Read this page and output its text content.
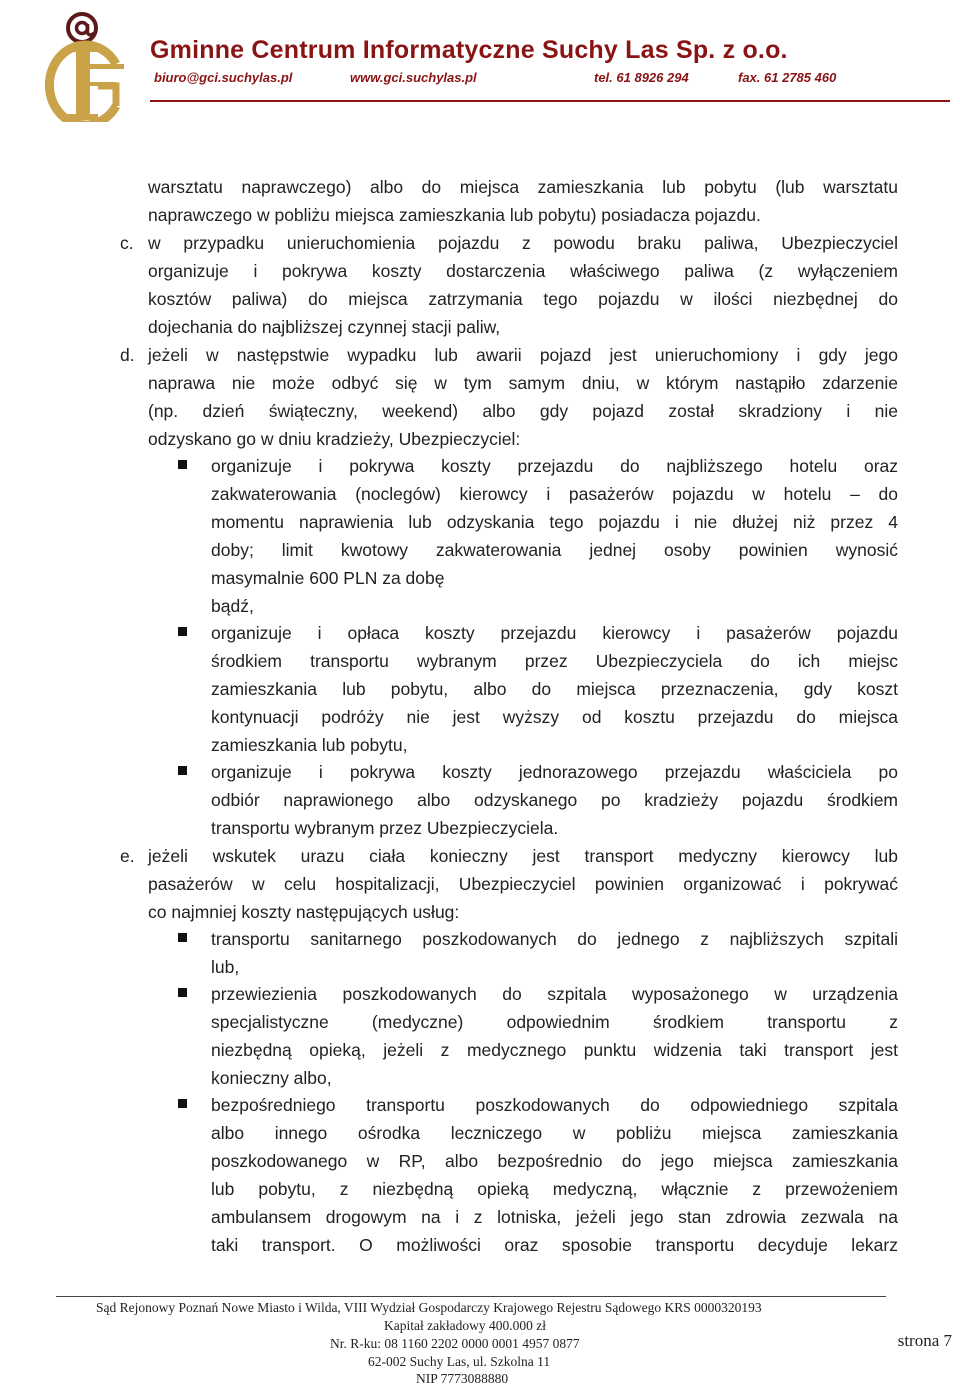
Gminne Centrum Informatyczne Suchy Las Sp. z o.o.
biuro@gci.suchylas.pl	www.gci.suchylas.pl	tel. 61 8926 294	fax. 61 2785 460
warsztatu naprawczego) albo do miejsca zamieszkania lub pobytu (lub warsztatu
naprawczego w pobliżu miejsca zamieszkania lub pobytu) posiadacza pojazdu.
c. w przypadku unieruchomienia pojazdu z powodu braku paliwa, Ubezpieczyciel
organizuje i pokrywa koszty dostarczenia właściwego paliwa (z wyłączeniem
kosztów paliwa) do miejsca zatrzymania tego pojazdu w ilości niezbędnej do
dojechania do najbliższej czynnej stacji paliw,
d. jeżeli w następstwie wypadku lub awarii pojazd jest unieruchomiony i gdy jego
naprawa nie może odbyć się w tym samym dniu, w którym nastąpiło zdarzenie
(np. dzień świąteczny, weekend) albo gdy pojazd został skradziony i nie
odzyskano go w dniu kradzieży, Ubezpieczyciel:
organizuje i pokrywa koszty przejazdu do najbliższego hotelu oraz
zakwaterowania (noclegów) kierowcy i pasażerów pojazdu w hotelu – do
momentu naprawienia lub odzyskania tego pojazdu i nie dłużej niż przez 4
doby; limit kwotowy zakwaterowania jednej osoby powinien wynosić
masymalnie 600 PLN za dobę
bądź,
organizuje i opłaca koszty przejazdu kierowcy i pasażerów pojazdu
środkiem transportu wybranym przez Ubezpieczyciela do ich miejsc
zamieszkania lub pobytu, albo do miejsca przeznaczenia, gdy koszt
kontynuacji podróży nie jest wyższy od kosztu przejazdu do miejsca
zamieszkania lub pobytu,
organizuje i pokrywa koszty jednorazowego przejazdu właściciela po
odbiór naprawionego albo odzyskanego po kradzieży pojazdu środkiem
transportu wybranym przez Ubezpieczyciela.
e. jeżeli wskutek urazu ciała konieczny jest transport medyczny kierowcy lub
pasażerów w celu hospitalizacji, Ubezpieczyciel powinien organizować i pokrywać
co najmniej koszty następujących usług:
transportu sanitarnego poszkodowanych do jednego z najbliższych szpitali
lub,
przewiezienia poszkodowanych do szpitala wyposażonego w urządzenia
specjalistyczne (medyczne) odpowiednim środkiem transportu z
niezbędną opieką, jeżeli z medycznego punktu widzenia taki transport jest
konieczny albo,
bezpośredniego transportu poszkodowanych do odpowiedniego szpitala
albo innego ośrodka leczniczego w pobliżu miejsca zamieszkania
poszkodowanego w RP, albo bezpośrednio do jego miejsca zamieszkania
lub pobytu, z niezbędną opieką medyczną, włącznie z przewożeniem
ambulansem drogowym na i z lotniska, jeżeli jego stan zdrowia zezwala na
taki transport. O możliwości oraz sposobie transportu decyduje lekarz
Sąd Rejonowy Poznań Nowe Miasto i Wilda, VIII Wydział Gospodarczy Krajowego Rejestru Sądowego KRS 0000320193
Kapitał zakładowy 400.000 zł
Nr. R-ku: 08 1160 2202 0000 0001 4957 0877
62-002 Suchy Las, ul. Szkolna 11
NIP 7773088880
strona 7
